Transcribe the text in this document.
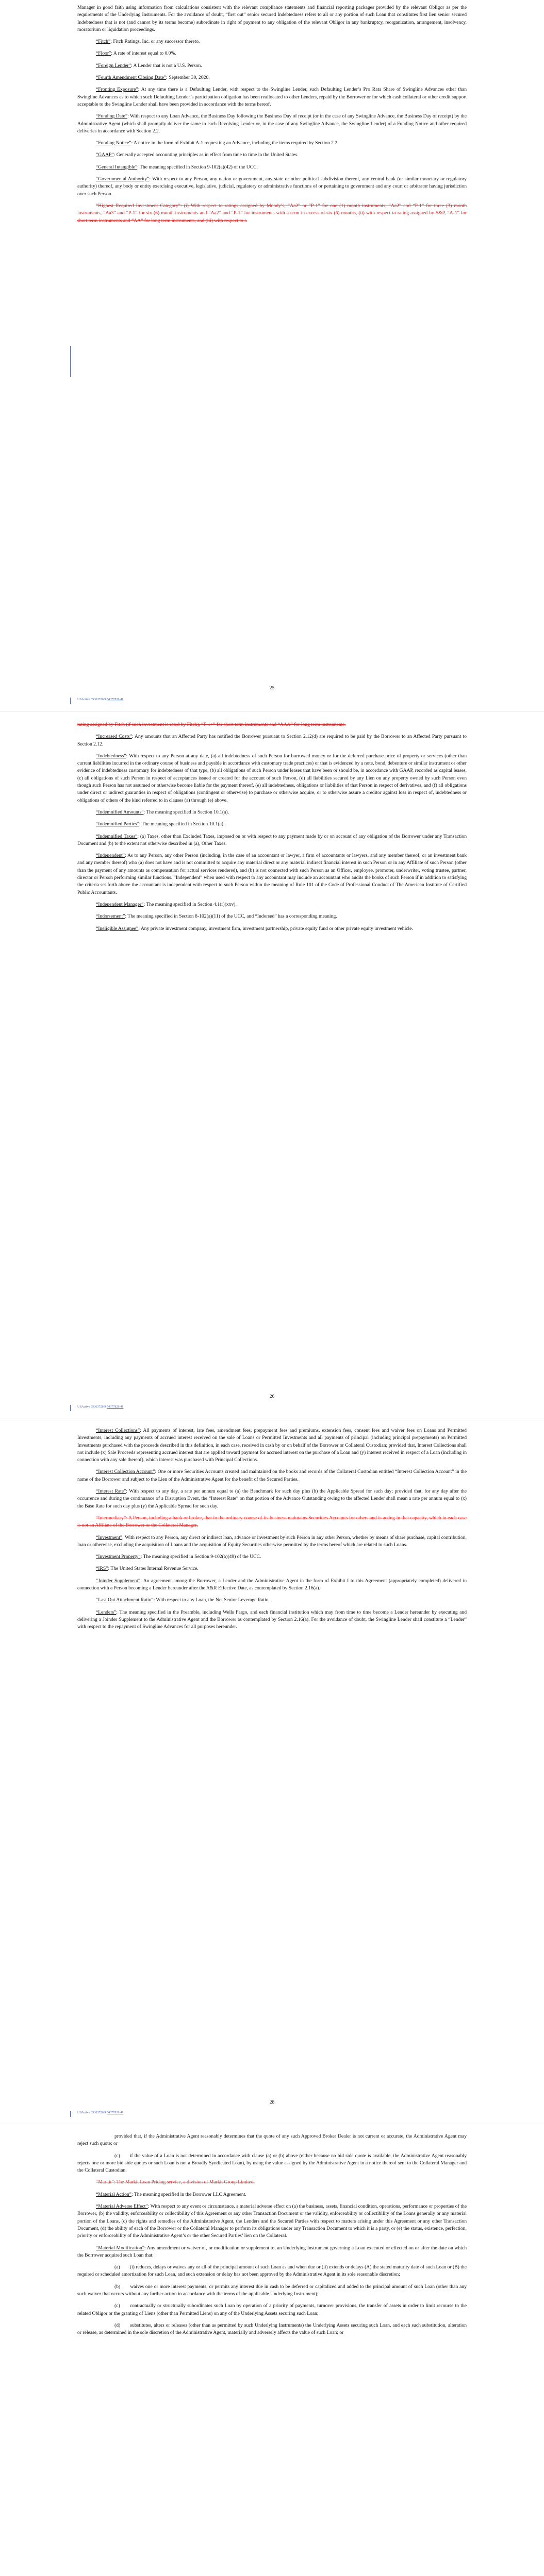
Manager in good faith using information from calculations consistent with the relevant compliance statements and financial reporting packages provided by the relevant Obligor as per the requirements of the Underlying Instruments. For the avoidance of doubt, “first out” senior secured Indebtedness refers to all or any portion of such Loan that constitutes first lien senior secured Indebtedness that is not (and cannot by its terms become) subordinate in right of payment to any obligation of the relevant Obligor in any bankruptcy, reorganization, arrangement, insolvency, moratorium or liquidation proceedings.

“Fitch”: Fitch Ratings, Inc. or any successor thereto.

“Floor”: A rate of interest equal to 0.0%.

“Foreign Lender”: A Lender that is not a U.S. Person.

“Fourth Amendment Closing Date”: September 30, 2020.

“Fronting Exposure”: At any time there is a Defaulting Lender, with respect to the Swingline Lender, such Defaulting Lender’s Pro Rata Share of Swingline Advances other than Swingline Advances as to which such Defaulting Lender’s participation obligation has been reallocated to other Lenders, repaid by the Borrower or for which cash collateral or other credit support acceptable to the Swingline Lender shall have been provided in accordance with the terms hereof.

“Funding Date”: With respect to any Loan Advance, the Business Day following the Business Day of receipt (or in the case of any Swingline Advance, the Business Day of receipt) by the Administrative Agent (which shall promptly deliver the same to each Revolving Lender or, in the case of any Swingline Advance, the Swingline Lender) of a Funding Notice and other required deliveries in accordance with Section 2.2.

“Funding Notice”: A notice in the form of Exhibit A-1 requesting an Advance, including the items required by Section 2.2.

“GAAP”: Generally accepted accounting principles as in effect from time to time in the United States.

“General Intangible”: The meaning specified in Section 9-102(a)(42) of the UCC.

“Governmental Authority”: With respect to any Person, any nation or government, any state or other political subdivision thereof, any central bank (or similar monetary or regulatory authority) thereof, any body or entity exercising executive, legislative, judicial, regulatory or administrative functions of or pertaining to government and any court or arbitrator having jurisdiction over such Person.

“Highest Required Investment Category”: (i) With respect to ratings assigned by Moody’s, “Aa2” or “P-1” for one (1) month instruments, “Aa2” and “P-1” for three (3) month instruments, “Aa3” and “P-1” for six (6) month instruments and “Aa2” and “P-1” for instruments with a term in excess of six (6) months, (ii) with respect to rating assigned by S&P, “A-1” for short term instruments and “AA” for long term instruments, and (iii) with respect to a

USActive 35363726.9 54377826.41
25

rating assigned by Fitch (if such investment is rated by Fitch), “F-1+” for short term instruments and “AAA” for long term instruments.

“Increased Costs”: Any amounts that an Affected Party has notified the Borrower pursuant to Section 2.12(d) are required to be paid by the Borrower to an Affected Party pursuant to Section 2.12.

“Indebtedness”: With respect to any Person at any date, (a) all indebtedness of such Person for borrowed money or for the deferred purchase price of property or services (other than current liabilities incurred in the ordinary course of business and payable in accordance with customary trade practices) or that is evidenced by a note, bond, debenture or similar instrument or other evidence of indebtedness customary for indebtedness of that type, (b) all obligations of such Person under leases that have been or should be, in accordance with GAAP, recorded as capital leases, (c) all obligations of such Person in respect of acceptances issued or created for the account of such Person, (d) all liabilities secured by any Lien on any property owned by such Person even though such Person has not assumed or otherwise become liable for the payment thereof, (e) all indebtedness, obligations or liabilities of that Person in respect of derivatives, and (f) all obligations under direct or indirect guaranties in respect of obligations (contingent or otherwise) to purchase or otherwise acquire, or to otherwise assure a creditor against loss in respect of, indebtedness or obligations of others of the kind referred to in clauses (a) through (e) above.

“Indemnified Amounts”: The meaning specified in Section 10.1(a).

“Indemnified Parties”: The meaning specified in Section 10.1(a).

“Indemnified Taxes”: (a) Taxes, other than Excluded Taxes, imposed on or with respect to any payment made by or on account of any obligation of the Borrower under any Transaction Document and (b) to the extent not otherwise described in (a), Other Taxes.

“Independent”: As to any Person, any other Person (including, in the case of an accountant or lawyer, a firm of accountants or lawyers, and any member thereof, or an investment bank and any member thereof) who (a) does not have and is not committed to acquire any material direct or any material indirect financial interest in such Person or in any Affiliate of such Person (other than the payment of any amounts as compensation for actual services rendered), and (b) is not connected with such Person as an Officer, employee, promoter, underwriter, voting trustee, partner, director or Person performing similar functions. “Independent” when used with respect to any accountant may include an accountant who audits the books of such Person if in addition to satisfying the criteria set forth above the accountant is independent with respect to such Person within the meaning of Rule 101 of the Code of Professional Conduct of The American Institute of Certified Public Accountants.

“Independent Manager”: The meaning specified in Section 4.1(r)(xxv).

“Indorsement”: The meaning specified in Section 8-102(a)(11) of the UCC, and “Indorsed” has a corresponding meaning.

“Ineligible Assignee”: Any private investment company, investment firm, investment partnership, private equity fund or other private equity investment vehicle.

USActive 35363726.9 54377826.41
26

“Interest Collections”: All payments of interest, late fees, amendment fees, prepayment fees and premiums, extension fees, consent fees and waiver fees on Loans and Permitted Investments, including any payments of accrued interest received on the sale of Loans or Permitted Investments and all payments of principal (including principal prepayments) on Permitted Investments purchased with the proceeds described in this definition, in each case, received in cash by or on behalf of the Borrower or Collateral Custodian; provided that, Interest Collections shall not include (x) Sale Proceeds representing accrued interest that are applied toward payment for accrued interest on the purchase of a Loan and (y) interest received in respect of a Loan (including in connection with any sale thereof), which interest was purchased with Principal Collections.

“Interest Collection Account”: One or more Securities Accounts created and maintained on the books and records of the Collateral Custodian entitled “Interest Collection Account” in the name of the Borrower and subject to the Lien of the Administrative Agent for the benefit of the Secured Parties.

“Interest Rate”: With respect to any day, a rate per annum equal to (a) the Benchmark for such day plus (b) the Applicable Spread for such day; provided that, for any day after the occurrence and during the continuance of a Disruption Event, the “Interest Rate” on that portion of the Advance Outstanding owing to the affected Lender shall mean a rate per annum equal to (x) the Base Rate for such day plus (y) the Applicable Spread for such day.

“Intermediary”: A Person, including a bank or broker, that in the ordinary course of its business maintains Securities Accounts for others and is acting in that capacity, which in each case is not an Affiliate of the Borrower or the Collateral Manager.

“Investment”: With respect to any Person, any direct or indirect loan, advance or investment by such Person in any other Person, whether by means of share purchase, capital contribution, loan or otherwise, excluding the acquisition of Loans and the acquisition of Equity Securities otherwise permitted by the terms hereof which are related to such Loans.

“Investment Property”: The meaning specified in Section 9-102(a)(49) of the UCC.

“IRS”: The United States Internal Revenue Service.

“Joinder Supplement”: An agreement among the Borrower, a Lender and the Administrative Agent in the form of Exhibit I to this Agreement (appropriately completed) delivered in connection with a Person becoming a Lender hereunder after the A&R Effective Date, as contemplated by Section 2.16(a).

“Last Out Attachment Ratio”: With respect to any Loan, the Net Senior Leverage Ratio.

“Lenders”: The meaning specified in the Preamble, including Wells Fargo, and each financial institution which may from time to time become a Lender hereunder by executing and delivering a Joinder Supplement to the Administrative Agent and the Borrower as contemplated by Section 2.16(a). For the avoidance of doubt, the Swingline Lender shall constitute a “Lender” with respect to the repayment of Swingline Advances for all purposes hereunder.

USActive 35363726.9 54377826.41
28

provided that, if the Administrative Agent reasonably determines that the quote of any such Approved Broker Dealer is not current or accurate, the Administrative Agent may reject such quote; or

(c)  if the value of a Loan is not determined in accordance with clause (a) or (b) above (either because no bid side quote is available, the Administrative Agent reasonably rejects one or more bid side quotes or such Loan is not a Broadly Syndicated Loan), by using the value assigned by the Administrative Agent in a notice thereof sent to the Collateral Manager and the Collateral Custodian.

“Markit”: The Markit Loan Pricing service, a division of Markit Group Limited.

“Material Action”: The meaning specified in the Borrower LLC Agreement.

“Material Adverse Effect”: With respect to any event or circumstance, a material adverse effect on (a) the business, assets, financial condition, operations, performance or properties of the Borrower, (b) the validity, enforceability or collectibility of this Agreement or any other Transaction Document or the validity, enforceability or collectibility of the Loans generally or any material portion of the Loans, (c) the rights and remedies of the Administrative Agent, the Lenders and the Secured Parties with respect to matters arising under this Agreement or any other Transaction Document, (d) the ability of each of the Borrower or the Collateral Manager to perform its obligations under any Transaction Document to which it is a party, or (e) the status, existence, perfection, priority or enforceability of the Administrative Agent’s or the other Secured Parties’ lien on the Collateral.

“Material Modification”: Any amendment or waiver of, or modification or supplement to, an Underlying Instrument governing a Loan executed or effected on or after the date on which the Borrower acquired such Loan that:

(a)  (i) reduces, delays or waives any or all of the principal amount of such Loan as and when due or (ii) extends or delays (A) the stated maturity date of such Loan or (B) the required or scheduled amortization for such Loan, and such extension or delay has not been approved by the Administrative Agent in its sole reasonable discretion;

(b)  waives one or more interest payments, or permits any interest due in cash to be deferred or capitalized and added to the principal amount of such Loan (other than any such waiver that occurs without any further action in accordance with the terms of the applicable Underlying Instrument);

(c)  contractually or structurally subordinates such Loan by operation of a priority of payments, turnover provisions, the transfer of assets in order to limit recourse to the related Obligor or the granting of Liens (other than Permitted Liens) on any of the Underlying Assets securing such Loan;

(d)  substitutes, alters or releases (other than as permitted by such Underlying Instruments) the Underlying Assets securing such Loan, and each such substitution, alteration or release, as determined in the sole discretion of the Administrative Agent, materially and adversely affects the value of such Loan; or
